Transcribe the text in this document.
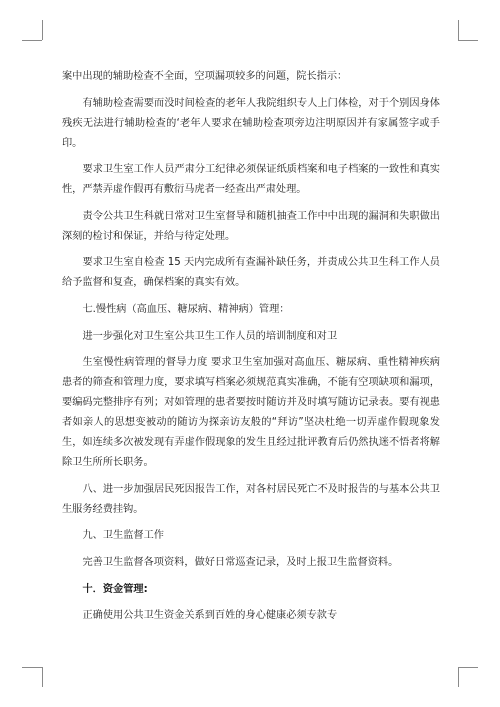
案中出现的辅助检查不全面，空项漏项较多的问题，院长指示：

有辅助检查需要而没时间检查的老年人我院组织专人上门体检，对于个别因身体残疾无法进行辅助检查的‘老年人要求在辅助检查项旁边注明原因并有家属签字或手印。

要求卫生室工作人员严肃分工纪律必须保证纸质档案和电子档案的一致性和真实性，严禁弄虚作假再有敷衍马虎者一经查出严肃处理。

责令公共卫生科就日常对卫生室督导和随机抽查工作中中出现的漏洞和失职做出深刻的检讨和保证，并给与待定处理。

要求卫生室自检查 15 天内完成所有查漏补缺任务，并责成公共卫生科工作人员给予监督和复查，确保档案的真实有效。

七.慢性病（高血压、糖尿病、精神病）管理：

进一步强化对卫生室公共卫生工作人员的培训制度和对卫

生室慢性病管理的督导力度 要求卫生室加强对高血压、糖尿病、重性精神疾病患者的筛查和管理力度，要求填写档案必须规范真实准确，不能有空项缺项和漏项，要编码完整排序有列；对如管理的患者要按时随访并及时填写随访记录表。要有视患者如亲人的思想变被动的随访为探亲访友般的“拜访”坚决杜绝一切弄虚作假现象发生，如连续多次被发现有弄虚作假现象的发生且经过批评教育后仍然执迷不悟者将解除卫生所所长职务。

八、进一步加强居民死因报告工作，对各村居民死亡不及时报告的与基本公共卫生服务经费挂钩。

九、卫生监督工作

完善卫生监督各项资料，做好日常巡查记录，及时上报卫生监督资料。

十．资金管理:

正确使用公共卫生资金关系到百姓的身心健康必须专款专
